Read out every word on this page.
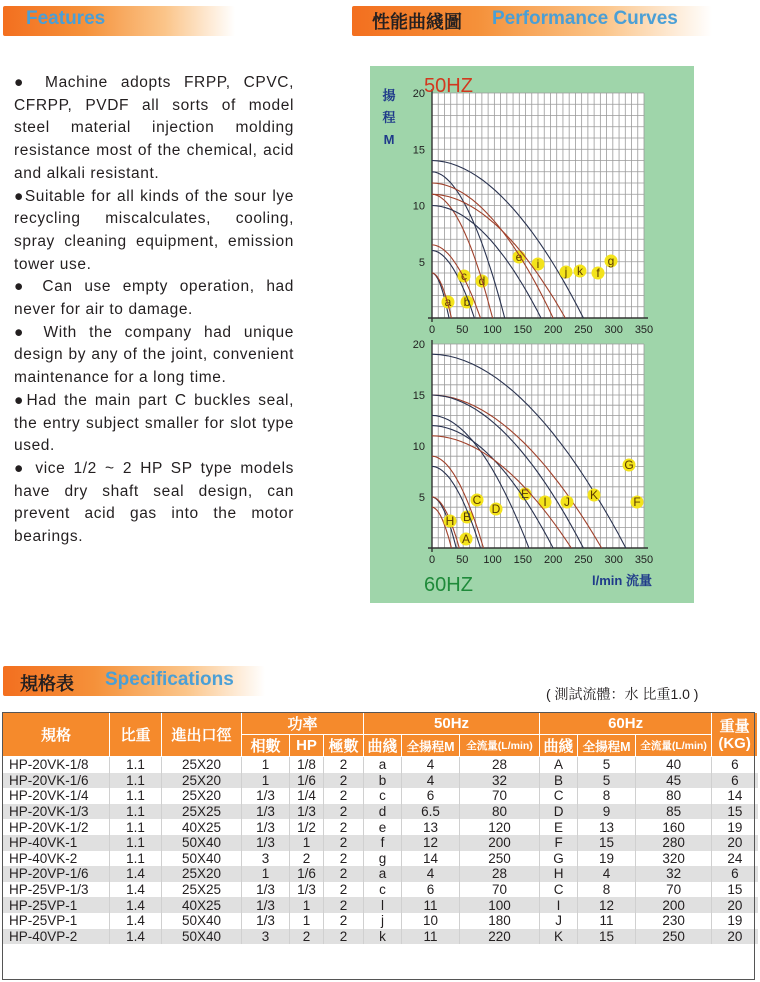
Features	性能曲綫圖 Performance Curves

● Machine adopts FRPP, CPVC, CFRPP, PVDF all sorts of model steel material injection molding resistance most of the chemical, acid and alkali resistant.

●Suitable for all kinds of the sour lye recycling miscalculates, cooling, spray cleaning equipment, emission tower use.

● Can use empty operation, had never for air to damage.

● With the company had unique design by any of the joint, convenient maintenance for a long time.

●Had the main part C buckles seal, the entry subject smaller for slot type used.

● vice 1/2 ~ 2 HP SP type models have dry shaft seal design, can prevent acid gas into the motor bearings.

0 50 100 150 200 250 300 350
5
10
15
20
a b
c d
e
f
g
i
j k
50HZ
0 50 100 150 200 250 300 350
5
10
15
20
A
B
C
D
E
F
G
H
I J K
60HZ
揚
程
M
l/min 流量
規格表 Specifications
( 測試流體：水 比重1.0 )
規格	比重	進出口徑	功率			50Hz			60Hz			重量
(KG)
			相數	HP	極數	曲綫	全揚程M	全流量(L/min)	曲綫	全揚程M	全流量(L/min)	
HP-20VK-1/8	1.1	25X20	1	1/8	2	a	4	28	A	5	40	6
HP-20VK-1/6	1.1	25X20	1	1/6	2	b	4	32	B	5	45	6
HP-20VK-1/4	1.1	25X20	1/3	1/4	2	c	6	70	C	8	80	14
HP-20VK-1/3	1.1	25X25	1/3	1/3	2	d	6.5	80	D	9	85	15
HP-20VK-1/2	1.1	40X25	1/3	1/2	2	e	13	120	E	13	160	19
HP-40VK-1	1.1	50X40	1/3	1	2	f	12	200	F	15	280	20
HP-40VK-2	1.1	50X40	3	2	2	g	14	250	G	19	320	24
HP-20VP-1/6	1.4	25X20	1	1/6	2	a	4	28	H	4	32	6
HP-25VP-1/3	1.4	25X25	1/3	1/3	2	c	6	70	C	8	70	15
HP-25VP-1	1.4	40X25	1/3	1	2	l	11	100	I	12	200	20
HP-25VP-1	1.4	50X40	1/3	1	2	j	10	180	J	11	230	19
HP-40VP-2	1.4	50X40	3	2	2	k	11	220	K	15	250	20
